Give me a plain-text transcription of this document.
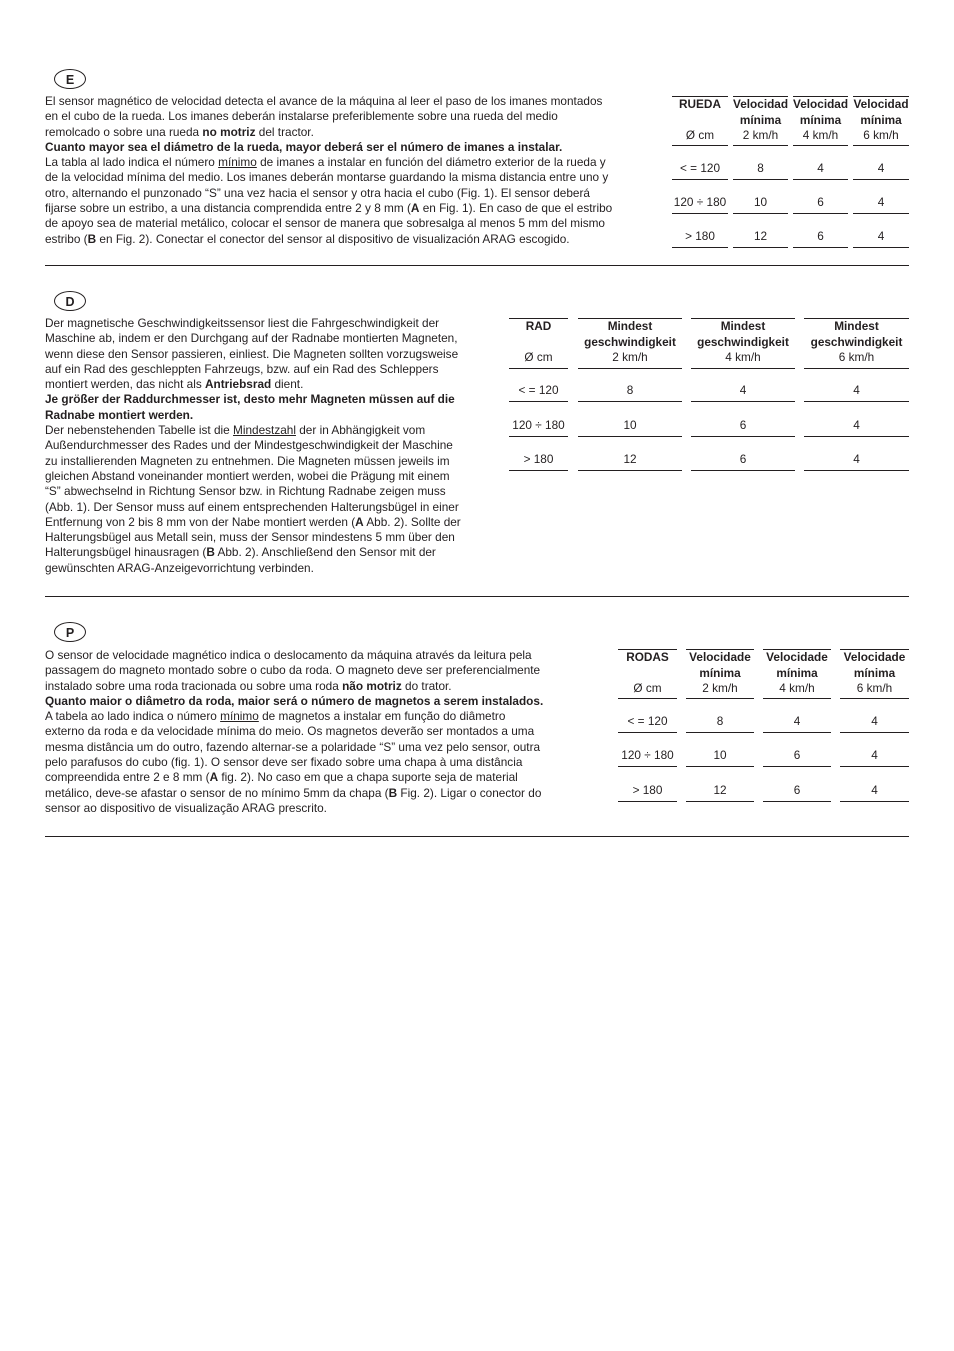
E

El sensor magnético de velocidad detecta el avance de la máquina al leer el paso de los imanes montados

en el cubo de la rueda. Los imanes deberán instalarse preferiblemente sobre una rueda del medio

remolcado o sobre una rueda no motriz del tractor.

Cuanto mayor sea el diámetro de la rueda, mayor deberá ser el número de imanes a instalar.

La tabla al lado indica el número mínimo de imanes a instalar en función del diámetro exterior de la rueda y

de la velocidad mínima del medio. Los imanes deberán montarse guardando la misma distancia entre uno y

otro, alternando el punzonado “S” una vez hacia el sensor y otra hacia el cubo (Fig. 1). El sensor deberá

fijarse sobre un estribo, a una distancia comprendida entre 2 y 8 mm (A en Fig. 1). En caso de que el estribo

de apoyo sea de material metálico, colocar el sensor de manera que sobresalga al menos 5 mm del mismo

estribo (B en Fig. 2). Conectar el conector del sensor al dispositivo de visualización ARAG escogido.

RUEDA
Ø cm
< = 120
120 ÷ 180
> 180
Velocidad
mínima
2 km/h
8
10
12
Velocidad
mínima
4 km/h
4
6
6
Velocidad
mínima
6 km/h
4
4
4
D

Der magnetische Geschwindigkeitssensor liest die Fahrgeschwindigkeit der

Maschine ab, indem er den Durchgang auf der Radnabe montierten Magneten,

wenn diese den Sensor passieren, einliest. Die Magneten sollten vorzugsweise

auf ein Rad des geschleppten Fahrzeugs, bzw. auf ein Rad des Schleppers

montiert werden, das nicht als Antriebsrad dient.

Je größer der Raddurchmesser ist, desto mehr Magneten müssen auf die

Radnabe montiert werden.

Der nebenstehenden Tabelle ist die Mindestzahl der in Abhängigkeit vom

Außendurchmesser des Rades und der Mindestgeschwindigkeit der Maschine

zu installierenden Magneten zu entnehmen. Die Magneten müssen jeweils im

gleichen Abstand voneinander montiert werden, wobei die Prägung mit einem

“S” abwechselnd in Richtung Sensor bzw. in Richtung Radnabe zeigen muss

(Abb. 1). Der Sensor muss auf einem entsprechenden Halterungsbügel in einer

Entfernung von 2 bis 8 mm von der Nabe montiert werden (A Abb. 2). Sollte der

Halterungsbügel aus Metall sein, muss der Sensor mindestens 5 mm über den

Halterungsbügel hinausragen (B Abb. 2). Anschließend den Sensor mit der

gewünschten ARAG-Anzeigevorrichtung verbinden.

RAD
Ø cm
< = 120
120 ÷ 180
> 180
Mindest
geschwindigkeit
2 km/h
8
10
12
Mindest
geschwindigkeit
4 km/h
4
6
6
Mindest
geschwindigkeit
6 km/h
4
4
4
P

O sensor de velocidade magnético indica o deslocamento da máquina através da leitura pela

passagem do magneto montado sobre o cubo da roda. O magneto deve ser preferencialmente

instalado sobre uma roda tracionada ou sobre uma roda não motriz do trator.

Quanto maior o diâmetro da roda, maior será o número de magnetos a serem instalados.

A tabela ao lado indica o número mínimo de magnetos a instalar em função do diâmetro

externo da roda e da velocidade mínima do meio. Os magnetos deverão ser montados a uma

mesma distância um do outro, fazendo alternar-se a polaridade “S” uma vez pelo sensor, outra

pelo parafusos do cubo (fig. 1). O sensor deve ser fixado sobre uma chapa à uma distância

compreendida entre 2 e 8 mm (A fig. 2). No caso em que a chapa suporte seja de material

metálico, deve-se afastar o sensor de no mínimo 5mm da chapa (B Fig. 2). Ligar o conector do

sensor ao dispositivo de visualização ARAG prescrito.

RODAS
Ø cm
< = 120
120 ÷ 180
> 180
Velocidade
mínima
2 km/h
8
10
12
Velocidade
mínima
4 km/h
4
6
6
Velocidade
mínima
6 km/h
4
4
4
